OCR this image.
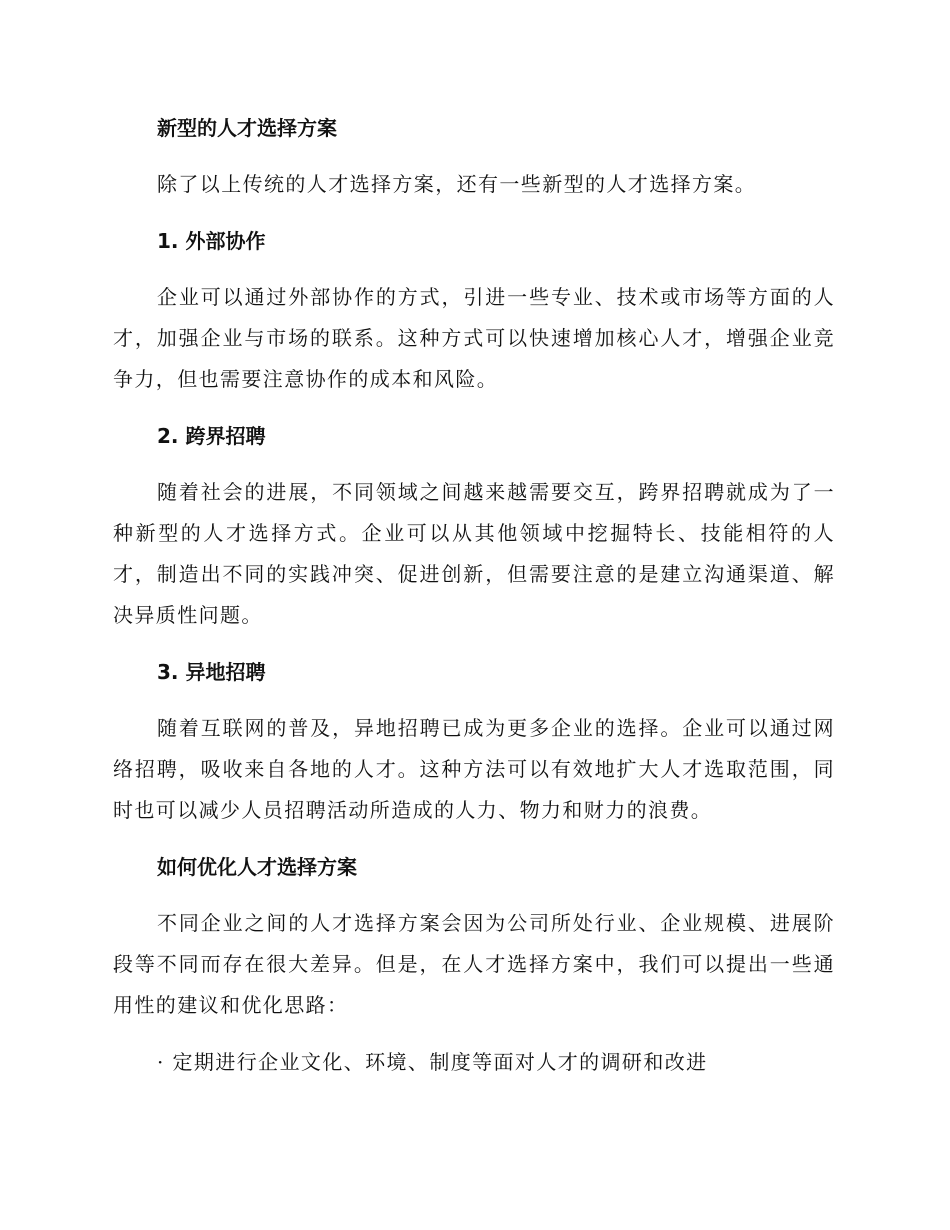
新型的人才选择方案

除了以上传统的人才选择方案，还有一些新型的人才选择方案。

1. 外部协作

企业可以通过外部协作的方式，引进一些专业、技术或市场等方面的人才，加强企业与市场的联系。这种方式可以快速增加核心人才，增强企业竞争力，但也需要注意协作的成本和风险。

2. 跨界招聘

随着社会的进展，不同领域之间越来越需要交互，跨界招聘就成为了一种新型的人才选择方式。企业可以从其他领域中挖掘特长、技能相符的人才，制造出不同的实践冲突、促进创新，但需要注意的是建立沟通渠道、解决异质性问题。

3. 异地招聘

随着互联网的普及，异地招聘已成为更多企业的选择。企业可以通过网络招聘，吸收来自各地的人才。这种方法可以有效地扩大人才选取范围，同时也可以减少人员招聘活动所造成的人力、物力和财力的浪费。

如何优化人才选择方案

不同企业之间的人才选择方案会因为公司所处行业、企业规模、进展阶段等不同而存在很大差异。但是，在人才选择方案中，我们可以提出一些通用性的建议和优化思路：

· 定期进行企业文化、环境、制度等面对人才的调研和改进
